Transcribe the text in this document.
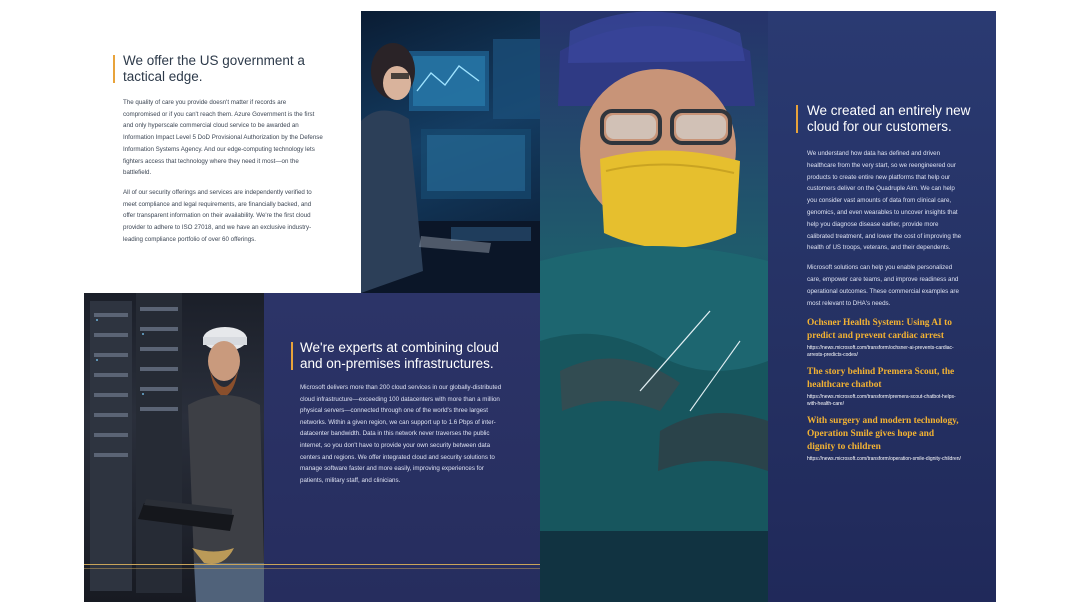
We offer the US government a tactical edge.

The quality of care you provide doesn't matter if records are compromised or if you can't reach them. Azure Government is the first and only hyperscale commercial cloud service to be awarded an Information Impact Level 5 DoD Provisional Authorization by the Defense Information Systems Agency. And our edge-computing technology lets fighters access that technology where they need it most—on the battlefield.

All of our security offerings and services are independently verified to meet compliance and legal requirements, are financially backed, and offer transparent information on their availability. We're the first cloud provider to adhere to ISO 27018, and we have an exclusive industry-leading compliance portfolio of over 60 offerings.

We're experts at combining cloud and on-premises infrastructures.

Microsoft delivers more than 200 cloud services in our globally-distributed cloud infrastructure—exceeding 100 datacenters with more than a million physical servers—connected through one of the world's three largest networks. Within a given region, we can support up to 1.6 Pbps of inter-datacenter bandwidth. Data in this network never traverses the public internet, so you don't have to provide your own security between data centers and regions. We offer integrated cloud and security solutions to manage software faster and more easily, improving experiences for patients, military staff, and clinicians.

We created an entirely new cloud for our customers.

We understand how data has defined and driven healthcare from the very start, so we reengineered our products to create entire new platforms that help our customers deliver on the Quadruple Aim. We can help you consider vast amounts of data from clinical care, genomics, and even wearables to uncover insights that help you diagnose disease earlier, provide more calibrated treatment, and lower the cost of improving the health of US troops, veterans, and their dependents.

Microsoft solutions can help you enable personalized care, empower care teams, and improve readiness and operational outcomes. These commercial examples are most relevant to DHA's needs.

Ochsner Health System: Using AI to predict and prevent cardiac arrest
https://news.microsoft.com/transform/ochsner-ai-prevents-cardiac-arrests-predicts-codes/
The story behind Premera Scout, the healthcare chatbot
https://news.microsoft.com/transform/premera-scout-chatbot-helps-with-health-care/
With surgery and modern technology, Operation Smile gives hope and dignity to children
https://news.microsoft.com/transform/operation-smile-dignity-children/
